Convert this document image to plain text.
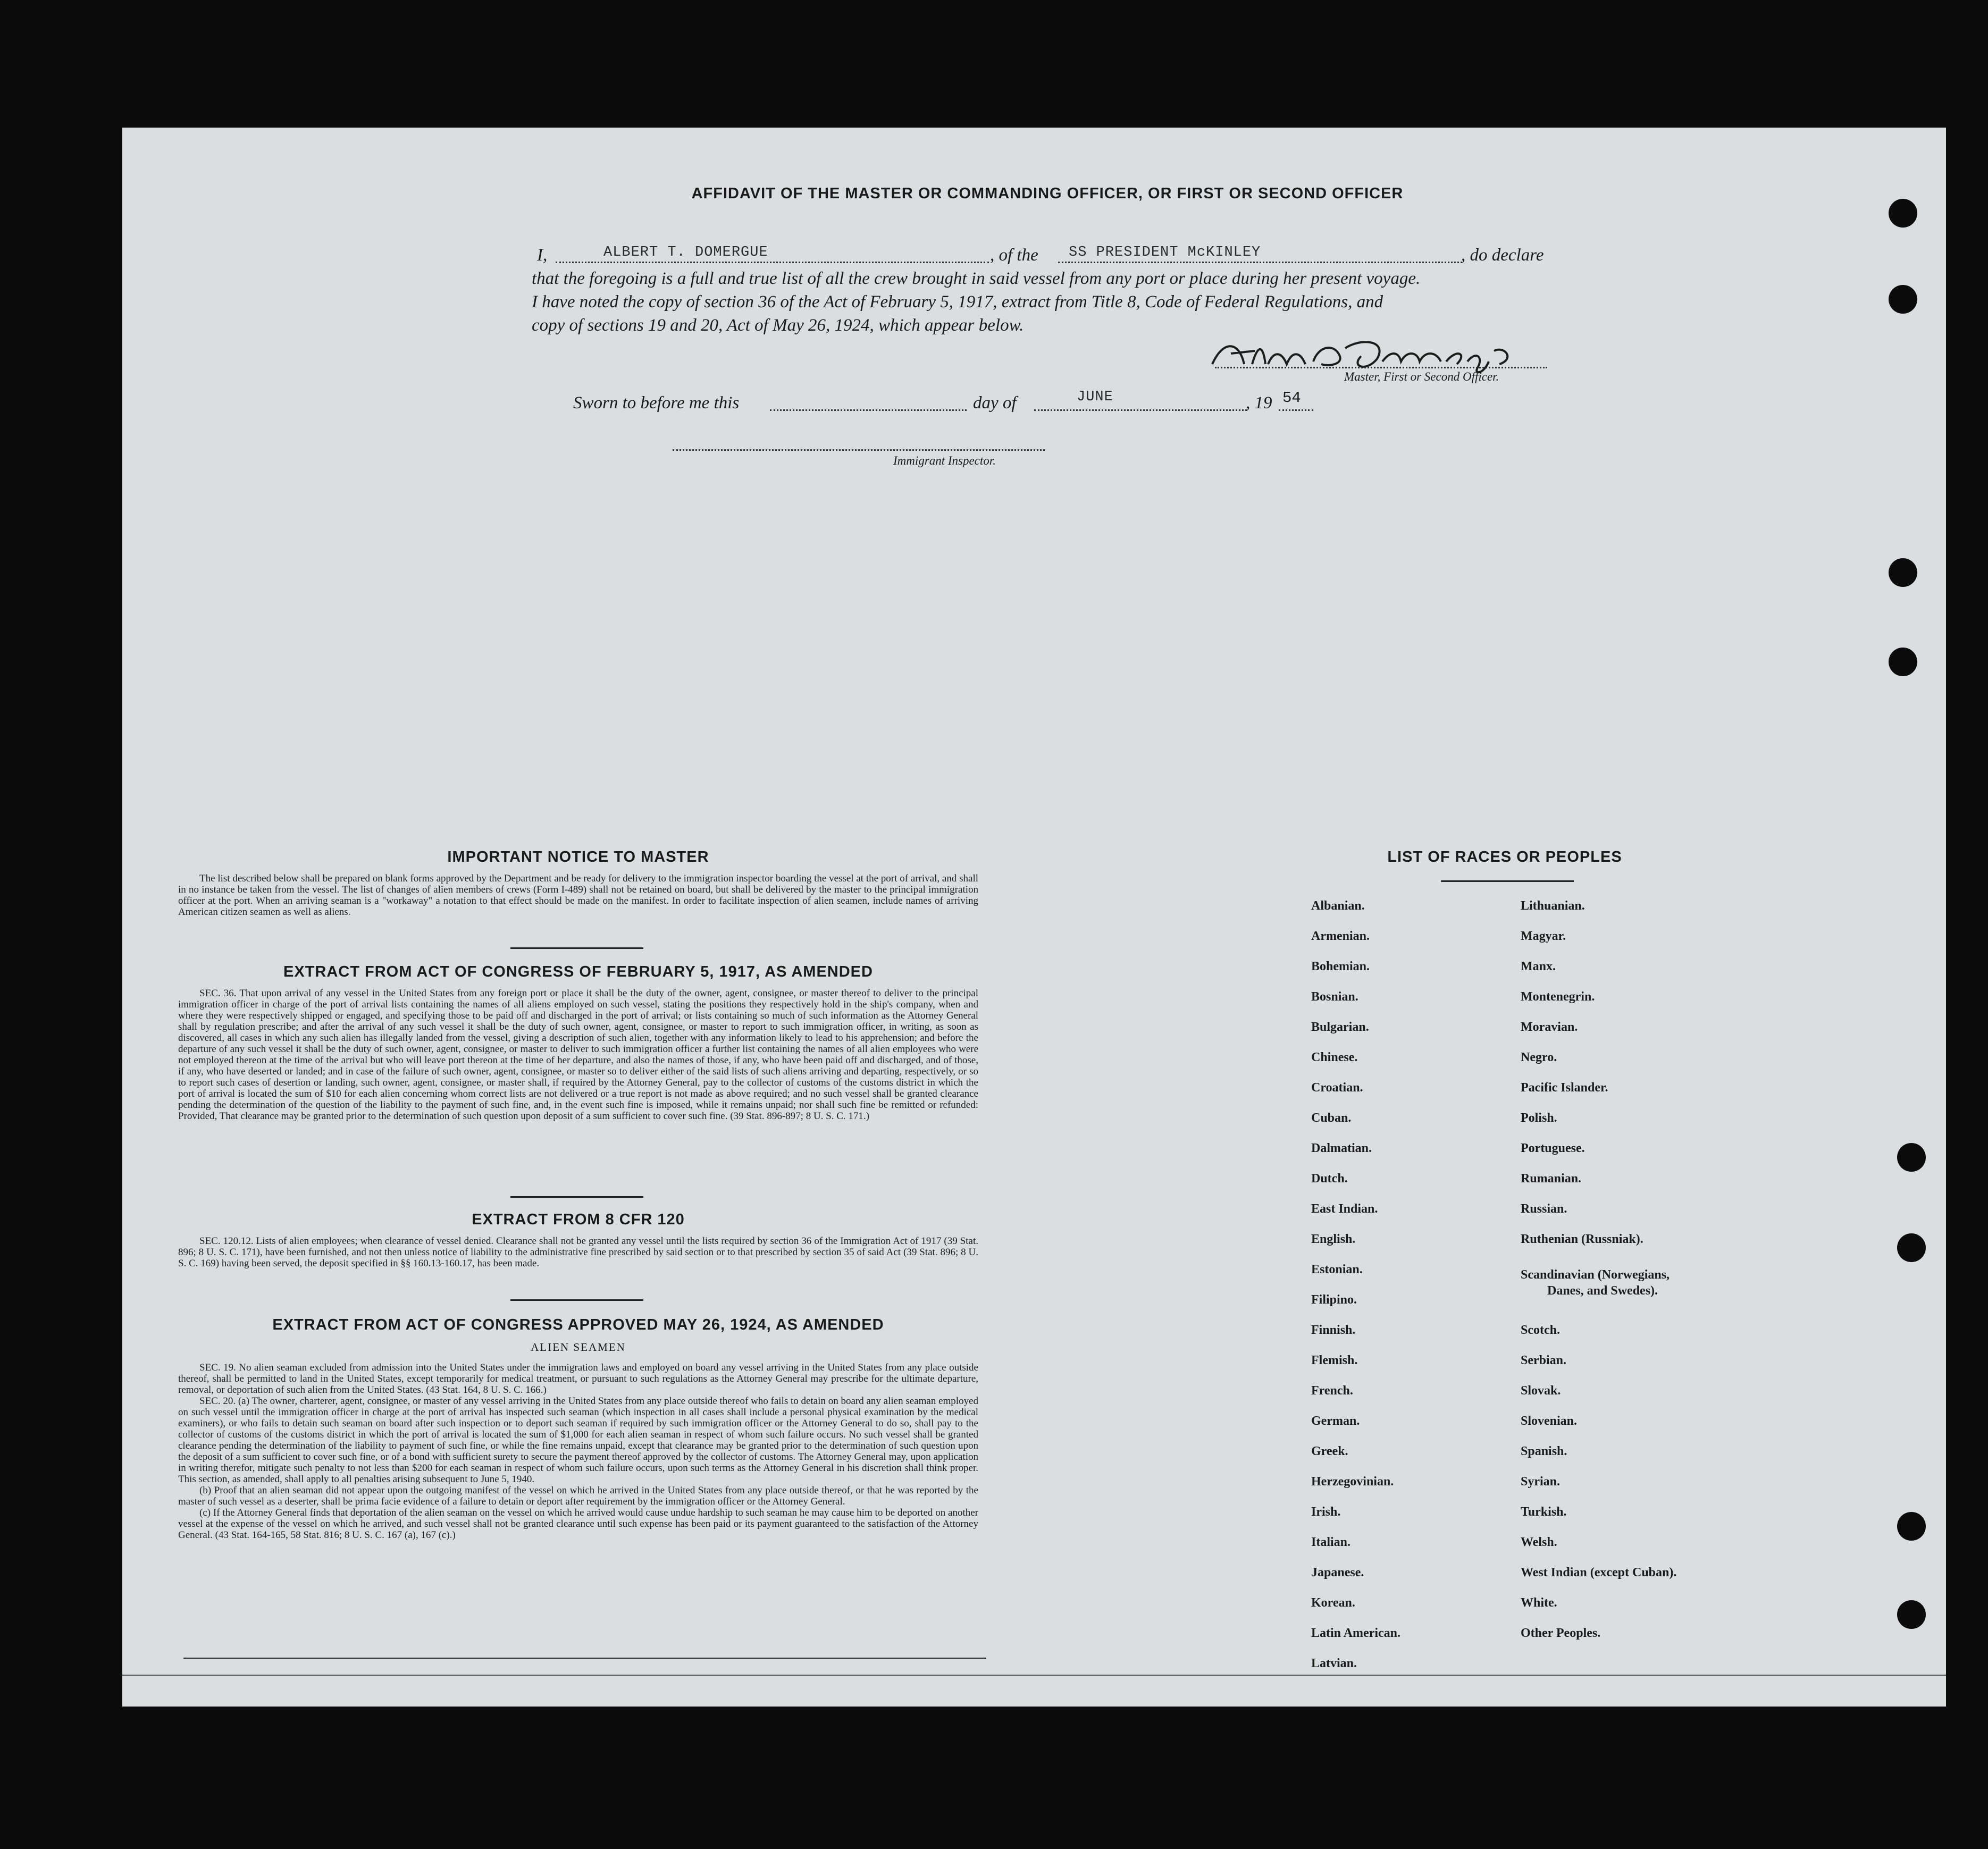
AFFIDAVIT OF THE MASTER OR COMMANDING OFFICER, OR FIRST OR SECOND OFFICER
I,	ALBERT T. DOMERGUE	, of the SS PRESIDENT McKINLEY	, do declare
that the foregoing is a full and true list of all the crew brought in said vessel from any port or place during her present voyage.
I have noted the copy of section 36 of the Act of February 5, 1917, extract from Title 8, Code of Federal Regulations, and
copy of sections 19 and 20, Act of May 26, 1924, which appear below.
Master, First or Second Officer.
Sworn to before me this	day of	JUNE	, 19 54
Immigrant Inspector.
IMPORTANT NOTICE TO MASTER

The list described below shall be prepared on blank forms approved by the Department and be ready for delivery to the immigration inspector boarding the vessel at the port of arrival, and shall in no instance be taken from the vessel. The list of changes of alien members of crews (Form I-489) shall not be retained on board, but shall be delivered by the master to the principal immigration officer at the port. When an arriving seaman is a "workaway" a notation to that effect should be made on the manifest. In order to facilitate inspection of alien seamen, include names of arriving American citizen seamen as well as aliens.

EXTRACT FROM ACT OF CONGRESS OF FEBRUARY 5, 1917, AS AMENDED

SEC. 36. That upon arrival of any vessel in the United States from any foreign port or place it shall be the duty of the owner, agent, consignee, or master thereof to deliver to the principal immigration officer in charge of the port of arrival lists containing the names of all aliens employed on such vessel, stating the positions they respectively hold in the ship's company, when and where they were respectively shipped or engaged, and specifying those to be paid off and discharged in the port of arrival; or lists containing so much of such information as the Attorney General shall by regulation prescribe; and after the arrival of any such vessel it shall be the duty of such owner, agent, consignee, or master to report to such immigration officer, in writing, as soon as discovered, all cases in which any such alien has illegally landed from the vessel, giving a description of such alien, together with any information likely to lead to his apprehension; and before the departure of any such vessel it shall be the duty of such owner, agent, consignee, or master to deliver to such immigration officer a further list containing the names of all alien employees who were not employed thereon at the time of the arrival but who will leave port thereon at the time of her departure, and also the names of those, if any, who have been paid off and discharged, and of those, if any, who have deserted or landed; and in case of the failure of such owner, agent, consignee, or master so to deliver either of the said lists of such aliens arriving and departing, respectively, or so to report such cases of desertion or landing, such owner, agent, consignee, or master shall, if required by the Attorney General, pay to the collector of customs of the customs district in which the port of arrival is located the sum of $10 for each alien concerning whom correct lists are not delivered or a true report is not made as above required; and no such vessel shall be granted clearance pending the determination of the question of the liability to the payment of such fine, and, in the event such fine is imposed, while it remains unpaid; nor shall such fine be remitted or refunded: Provided, That clearance may be granted prior to the determination of such question upon deposit of a sum sufficient to cover such fine. (39 Stat. 896-897; 8 U. S. C. 171.)

EXTRACT FROM 8 CFR 120

SEC. 120.12. Lists of alien employees; when clearance of vessel denied. Clearance shall not be granted any vessel until the lists required by section 36 of the Immigration Act of 1917 (39 Stat. 896; 8 U. S. C. 171), have been furnished, and not then unless notice of liability to the administrative fine prescribed by said section or to that prescribed by section 35 of said Act (39 Stat. 896; 8 U. S. C. 169) having been served, the deposit specified in §§ 160.13-160.17, has been made.

EXTRACT FROM ACT OF CONGRESS APPROVED MAY 26, 1924, AS AMENDED
ALIEN SEAMEN

SEC. 19. No alien seaman excluded from admission into the United States under the immigration laws and employed on board any vessel arriving in the United States from any place outside thereof, shall be permitted to land in the United States, except temporarily for medical treatment, or pursuant to such regulations as the Attorney General may prescribe for the ultimate departure, removal, or deportation of such alien from the United States. (43 Stat. 164, 8 U. S. C. 166.)

SEC. 20. (a) The owner, charterer, agent, consignee, or master of any vessel arriving in the United States from any place outside thereof who fails to detain on board any alien seaman employed on such vessel until the immigration officer in charge at the port of arrival has inspected such seaman (which inspection in all cases shall include a personal physical examination by the medical examiners), or who fails to detain such seaman on board after such inspection or to deport such seaman if required by such immigration officer or the Attorney General to do so, shall pay to the collector of customs of the customs district in which the port of arrival is located the sum of $1,000 for each alien seaman in respect of whom such failure occurs. No such vessel shall be granted clearance pending the determination of the liability to payment of such fine, or while the fine remains unpaid, except that clearance may be granted prior to the determination of such question upon the deposit of a sum sufficient to cover such fine, or of a bond with sufficient surety to secure the payment thereof approved by the collector of customs. The Attorney General may, upon application in writing therefor, mitigate such penalty to not less than $200 for each seaman in respect of whom such failure occurs, upon such terms as the Attorney General in his discretion shall think proper. This section, as amended, shall apply to all penalties arising subsequent to June 5, 1940.

(b) Proof that an alien seaman did not appear upon the outgoing manifest of the vessel on which he arrived in the United States from any place outside thereof, or that he was reported by the master of such vessel as a deserter, shall be prima facie evidence of a failure to detain or deport after requirement by the immigration officer or the Attorney General.

(c) If the Attorney General finds that deportation of the alien seaman on the vessel on which he arrived would cause undue hardship to such seaman he may cause him to be deported on another vessel at the expense of the vessel on which he arrived, and such vessel shall not be granted clearance until such expense has been paid or its payment guaranteed to the satisfaction of the Attorney General. (43 Stat. 164-165, 58 Stat. 816; 8 U. S. C. 167 (a), 167 (c).)

LIST OF RACES OR PEOPLES
Albanian.
Armenian.
Bohemian.
Bosnian.
Bulgarian.
Chinese.
Croatian.
Cuban.
Dalmatian.
Dutch.
East Indian.
English.
Estonian.
Filipino.
Finnish.
Flemish.
French.
German.
Greek.
Herzegovinian.
Irish.
Italian.
Japanese.
Korean.
Latin American.
Latvian.
Lithuanian.
Magyar.
Manx.
Montenegrin.
Moravian.
Negro.
Pacific Islander.
Polish.
Portuguese.
Rumanian.
Russian.
Ruthenian (Russniak).
Scandinavian (Norwegians,
Danes, and Swedes).
Scotch.
Serbian.
Slovak.
Slovenian.
Spanish.
Syrian.
Turkish.
Welsh.
West Indian (except Cuban).
White.
Other Peoples.
